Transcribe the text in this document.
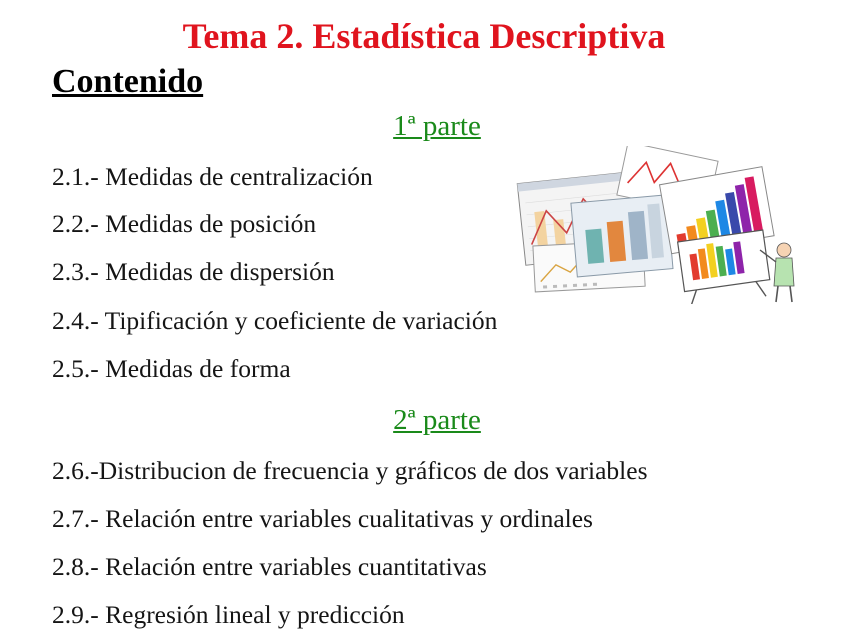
Tema 2. Estadística Descriptiva
Contenido
1ª parte
2.1.- Medidas de centralización
2.2.- Medidas de posición
2.3.- Medidas de dispersión
2.4.- Tipificación y coeficiente de variación
2.5.- Medidas de forma
2ª parte
2.6.-Distribucion de frecuencia y gráficos de dos variables
2.7.- Relación entre variables cualitativas y ordinales
2.8.- Relación entre variables cuantitativas
2.9.- Regresión lineal y predicción
